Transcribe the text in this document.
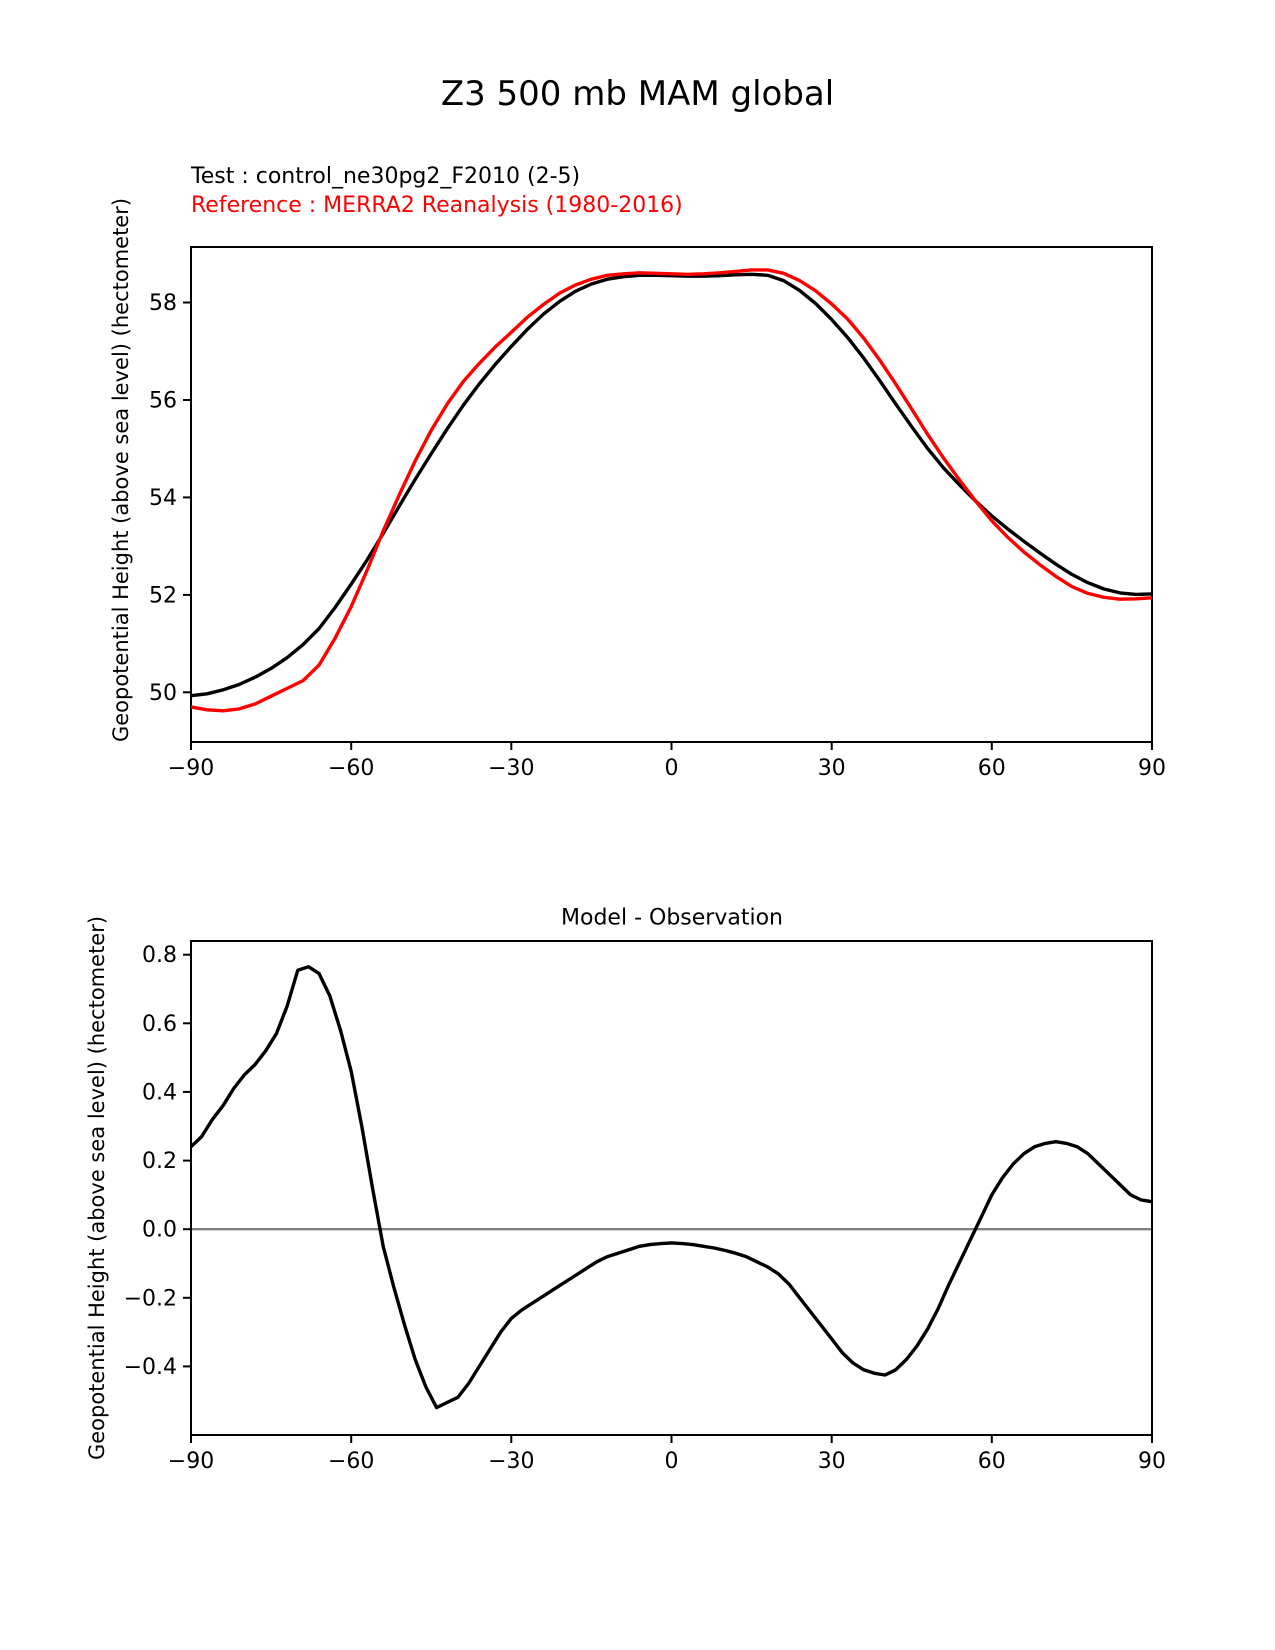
Z3 500 mb MAM global
Test : control_ne30pg2_F2010 (2-5)
Reference : MERRA2 Reanalysis (1980-2016)
Geopotential Height (above sea level) (hectometer)
Model - Observation
Geopotential Height (above sea level) (hectometer)
−90	−60	−30	0	30	60	90
50
52
54
56
58
−90	−60	−30	0	30	60	90
−0.4
−0.2
0.0
0.2
0.4
0.6
0.8
